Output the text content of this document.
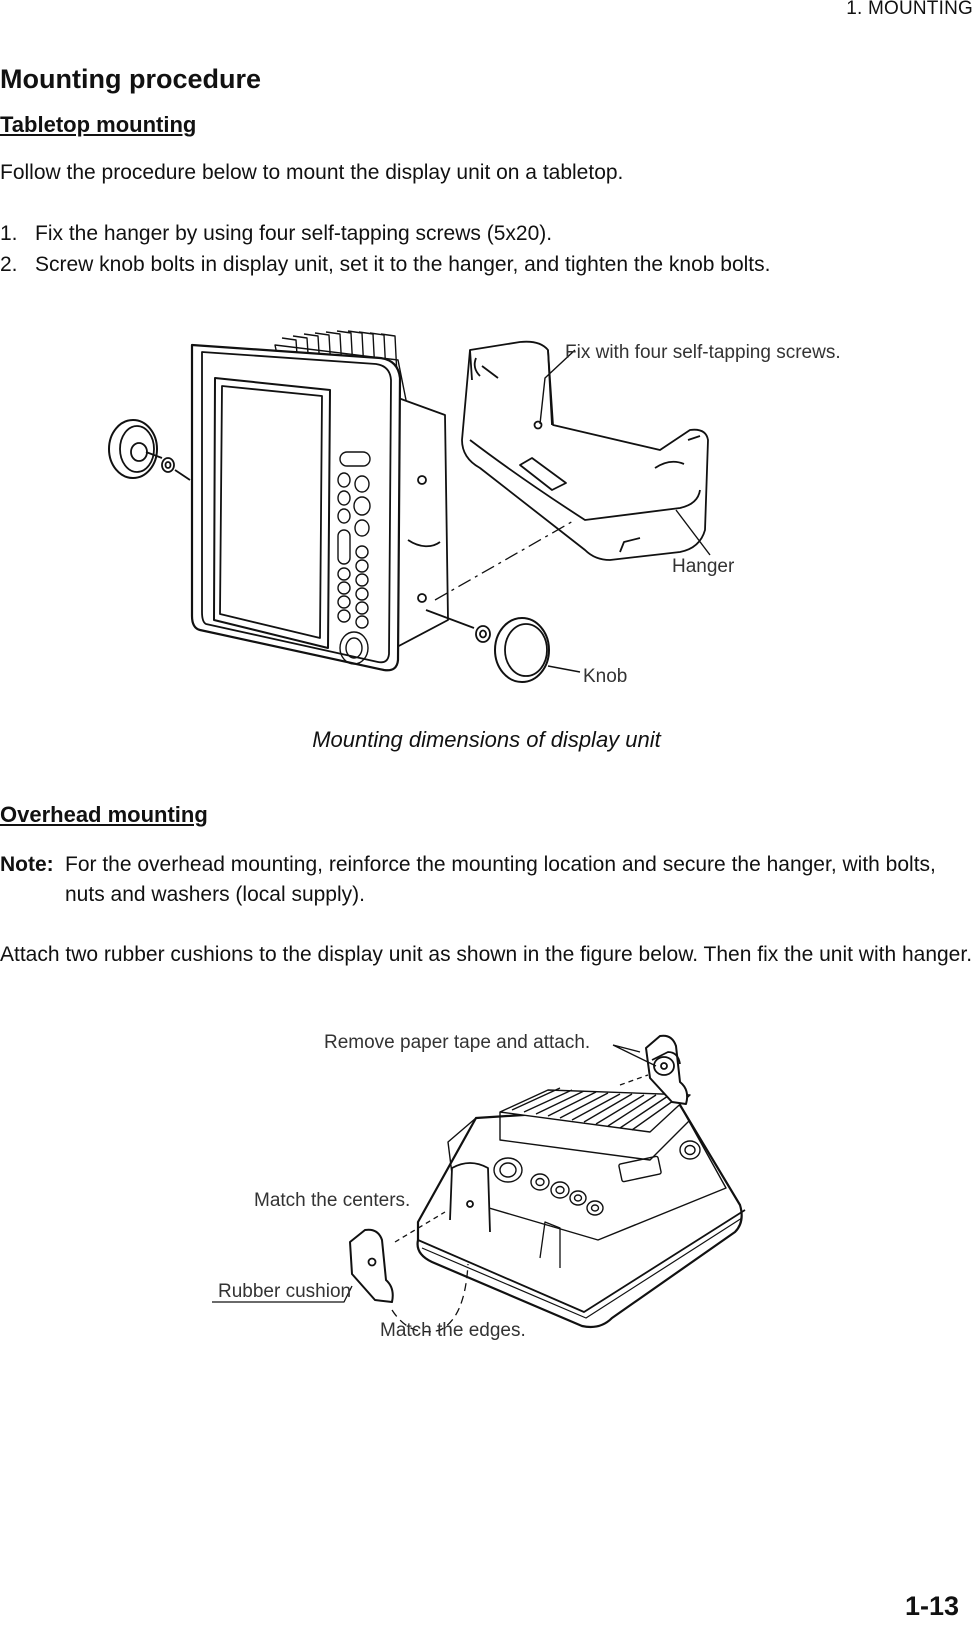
1. MOUNTING
Mounting procedure
Tabletop mounting
Follow the procedure below to mount the display unit on a tabletop.
1. Fix the hanger by using four self-tapping screws (5x20).
2. Screw knob bolts in display unit, set it to the hanger, and tighten the knob bolts.
Fix with four self-tapping screws.
Hanger
Knob
Mounting dimensions of display unit
Overhead mounting
Note: For the overhead mounting, reinforce the mounting location and secure the hanger, with bolts, nuts and washers (local supply).
Attach two rubber cushions to the display unit as shown in the figure below. Then fix the unit with hanger.
Remove paper tape and attach.
Match the centers.
Rubber cushion
Match the edges.
1-13
